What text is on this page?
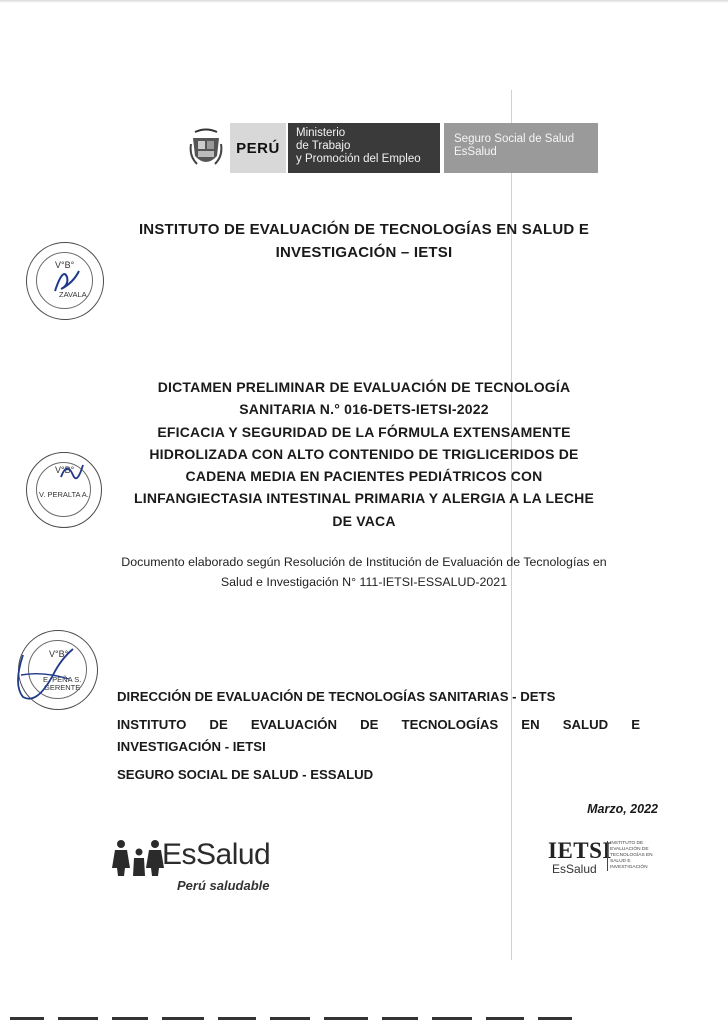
PERÚ
Ministerio
de Trabajo
y Promoción del Empleo
Seguro Social de Salud
EsSalud
INSTITUTO DE EVALUACIÓN DE TECNOLOGÍAS EN SALUD E
INVESTIGACIÓN – IETSI
V°B°
ZAVALA
DICTAMEN PRELIMINAR DE EVALUACIÓN DE TECNOLOGÍA
SANITARIA N.° 016-DETS-IETSI-2022
EFICACIA Y SEGURIDAD DE LA FÓRMULA EXTENSAMENTE
HIDROLIZADA CON ALTO CONTENIDO DE TRIGLICERIDOS DE
CADENA MEDIA EN PACIENTES PEDIÁTRICOS CON
LINFANGIECTASIA INTESTINAL PRIMARIA Y ALERGIA A LA LECHE
DE VACA
V°B°
V. PERALTA A.
Documento elaborado según Resolución de Institución de Evaluación de Tecnologías en
Salud e Investigación N° 111-IETSI-ESSALUD-2021
V°B°
E. PEÑA S.
GERENTE
DIRECCIÓN DE EVALUACIÓN DE TECNOLOGÍAS SANITARIAS - DETS
INSTITUTO DE EVALUACIÓN DE TECNOLOGÍAS EN SALUD E
INVESTIGACIÓN - IETSI
SEGURO SOCIAL DE SALUD - ESSALUD
Marzo, 2022
EsSalud
Perú saludable
IETSI
EsSalud
INSTITUTO DE
EVALUACIÓN DE
TECNOLOGÍAS EN
SALUD E
INVESTIGACIÓN
